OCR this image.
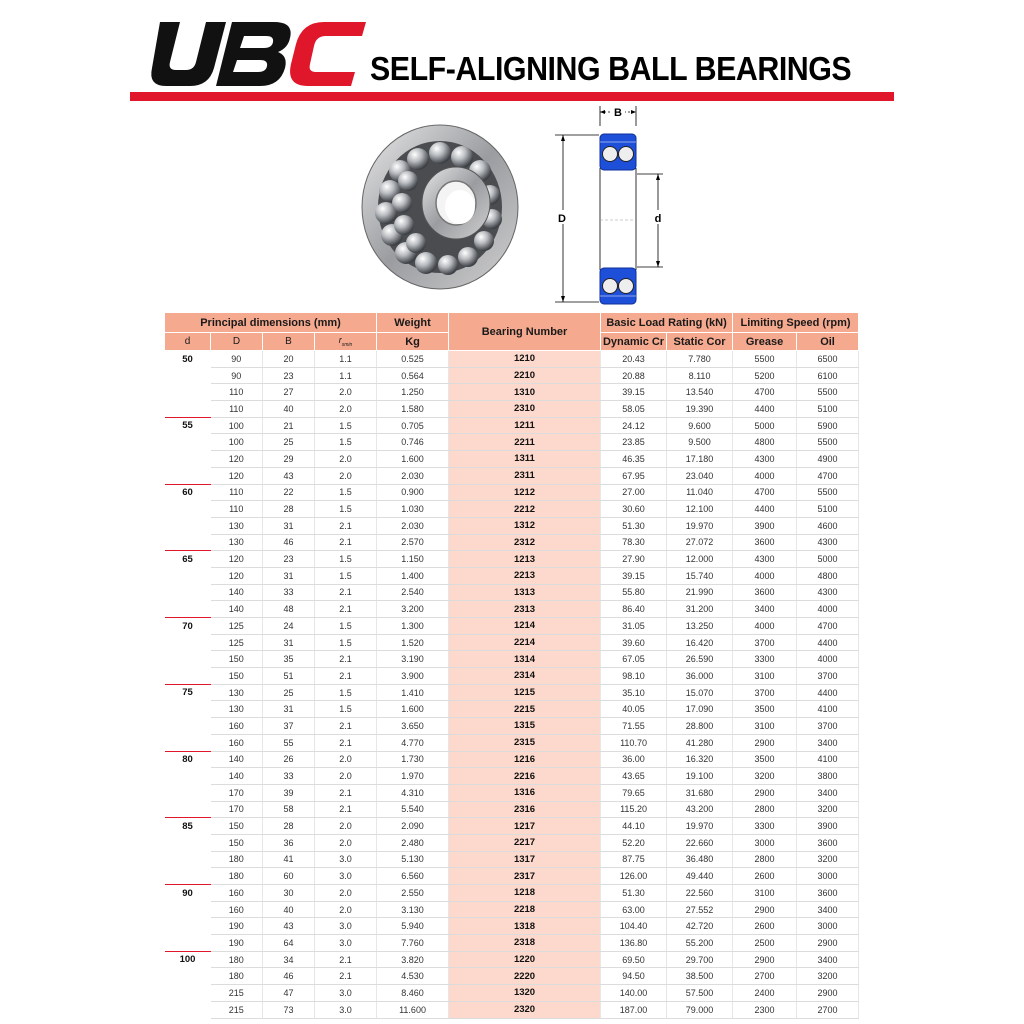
SELF-ALIGNING BALL BEARINGS
B
D	d
Principal dimensions (mm)				Weight	Bearing Number	Basic Load Rating (kN)		Limiting Speed (rpm)	
d	D	B	$r_{smin}$	Kg		Dynamic Cr	Static Cor	Grease	Oil
50	90	20	1.1	0.525	1210	20.43	7.780	5500	6500
	90	23	1.1	0.564	2210	20.88	8.110	5200	6100
	110	27	2.0	1.250	1310	39.15	13.540	4700	5500
	110	40	2.0	1.580	2310	58.05	19.390	4400	5100
55	100	21	1.5	0.705	1211	24.12	9.600	5000	5900
	100	25	1.5	0.746	2211	23.85	9.500	4800	5500
	120	29	2.0	1.600	1311	46.35	17.180	4300	4900
	120	43	2.0	2.030	2311	67.95	23.040	4000	4700
60	110	22	1.5	0.900	1212	27.00	11.040	4700	5500
	110	28	1.5	1.030	2212	30.60	12.100	4400	5100
	130	31	2.1	2.030	1312	51.30	19.970	3900	4600
	130	46	2.1	2.570	2312	78.30	27.072	3600	4300
65	120	23	1.5	1.150	1213	27.90	12.000	4300	5000
	120	31	1.5	1.400	2213	39.15	15.740	4000	4800
	140	33	2.1	2.540	1313	55.80	21.990	3600	4300
	140	48	2.1	3.200	2313	86.40	31.200	3400	4000
70	125	24	1.5	1.300	1214	31.05	13.250	4000	4700
	125	31	1.5	1.520	2214	39.60	16.420	3700	4400
	150	35	2.1	3.190	1314	67.05	26.590	3300	4000
	150	51	2.1	3.900	2314	98.10	36.000	3100	3700
75	130	25	1.5	1.410	1215	35.10	15.070	3700	4400
	130	31	1.5	1.600	2215	40.05	17.090	3500	4100
	160	37	2.1	3.650	1315	71.55	28.800	3100	3700
	160	55	2.1	4.770	2315	110.70	41.280	2900	3400
80	140	26	2.0	1.730	1216	36.00	16.320	3500	4100
	140	33	2.0	1.970	2216	43.65	19.100	3200	3800
	170	39	2.1	4.310	1316	79.65	31.680	2900	3400
	170	58	2.1	5.540	2316	115.20	43.200	2800	3200
85	150	28	2.0	2.090	1217	44.10	19.970	3300	3900
	150	36	2.0	2.480	2217	52.20	22.660	3000	3600
	180	41	3.0	5.130	1317	87.75	36.480	2800	3200
	180	60	3.0	6.560	2317	126.00	49.440	2600	3000
90	160	30	2.0	2.550	1218	51.30	22.560	3100	3600
	160	40	2.0	3.130	2218	63.00	27.552	2900	3400
	190	43	3.0	5.940	1318	104.40	42.720	2600	3000
	190	64	3.0	7.760	2318	136.80	55.200	2500	2900
100	180	34	2.1	3.820	1220	69.50	29.700	2900	3400
	180	46	2.1	4.530	2220	94.50	38.500	2700	3200
	215	47	3.0	8.460	1320	140.00	57.500	2400	2900
	215	73	3.0	11.600	2320	187.00	79.000	2300	2700
